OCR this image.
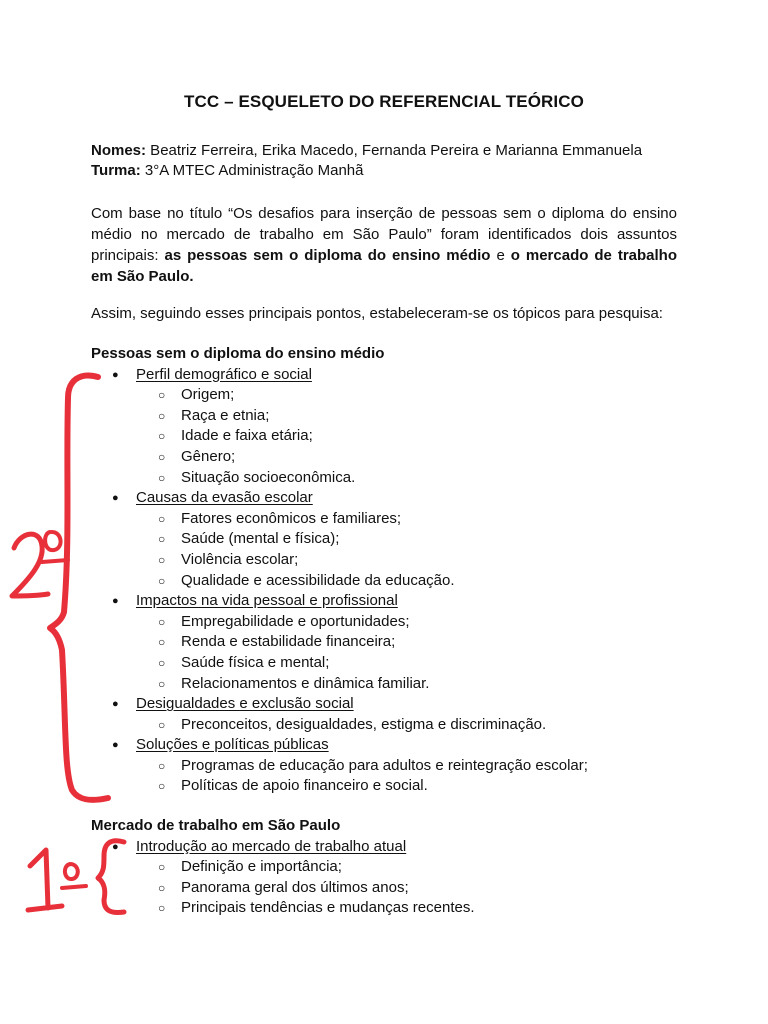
TCC – ESQUELETO DO REFERENCIAL TEÓRICO
Nomes: Beatriz Ferreira, Erika Macedo, Fernanda Pereira e Marianna Emmanuela
Turma: 3°A MTEC Administração Manhã
Com base no título “Os desafios para inserção de pessoas sem o diploma do ensino médio no mercado de trabalho em São Paulo” foram identificados dois assuntos principais: as pessoas sem o diploma do ensino médio e o mercado de trabalho em São Paulo.
Assim, seguindo esses principais pontos, estabeleceram-se os tópicos para pesquisa:
Pessoas sem o diploma do ensino médio
● Perfil demográfico e social
○ Origem;
○ Raça e etnia;
○ Idade e faixa etária;
○ Gênero;
○ Situação socioeconômica.
● Causas da evasão escolar
○ Fatores econômicos e familiares;
○ Saúde (mental e física);
○ Violência escolar;
○ Qualidade e acessibilidade da educação.
● Impactos na vida pessoal e profissional
○ Empregabilidade e oportunidades;
○ Renda e estabilidade financeira;
○ Saúde física e mental;
○ Relacionamentos e dinâmica familiar.
● Desigualdades e exclusão social
○ Preconceitos, desigualdades, estigma e discriminação.
● Soluções e políticas públicas
○ Programas de educação para adultos e reintegração escolar;
○ Políticas de apoio financeiro e social.
Mercado de trabalho em São Paulo
● Introdução ao mercado de trabalho atual
○ Definição e importância;
○ Panorama geral dos últimos anos;
○ Principais tendências e mudanças recentes.
